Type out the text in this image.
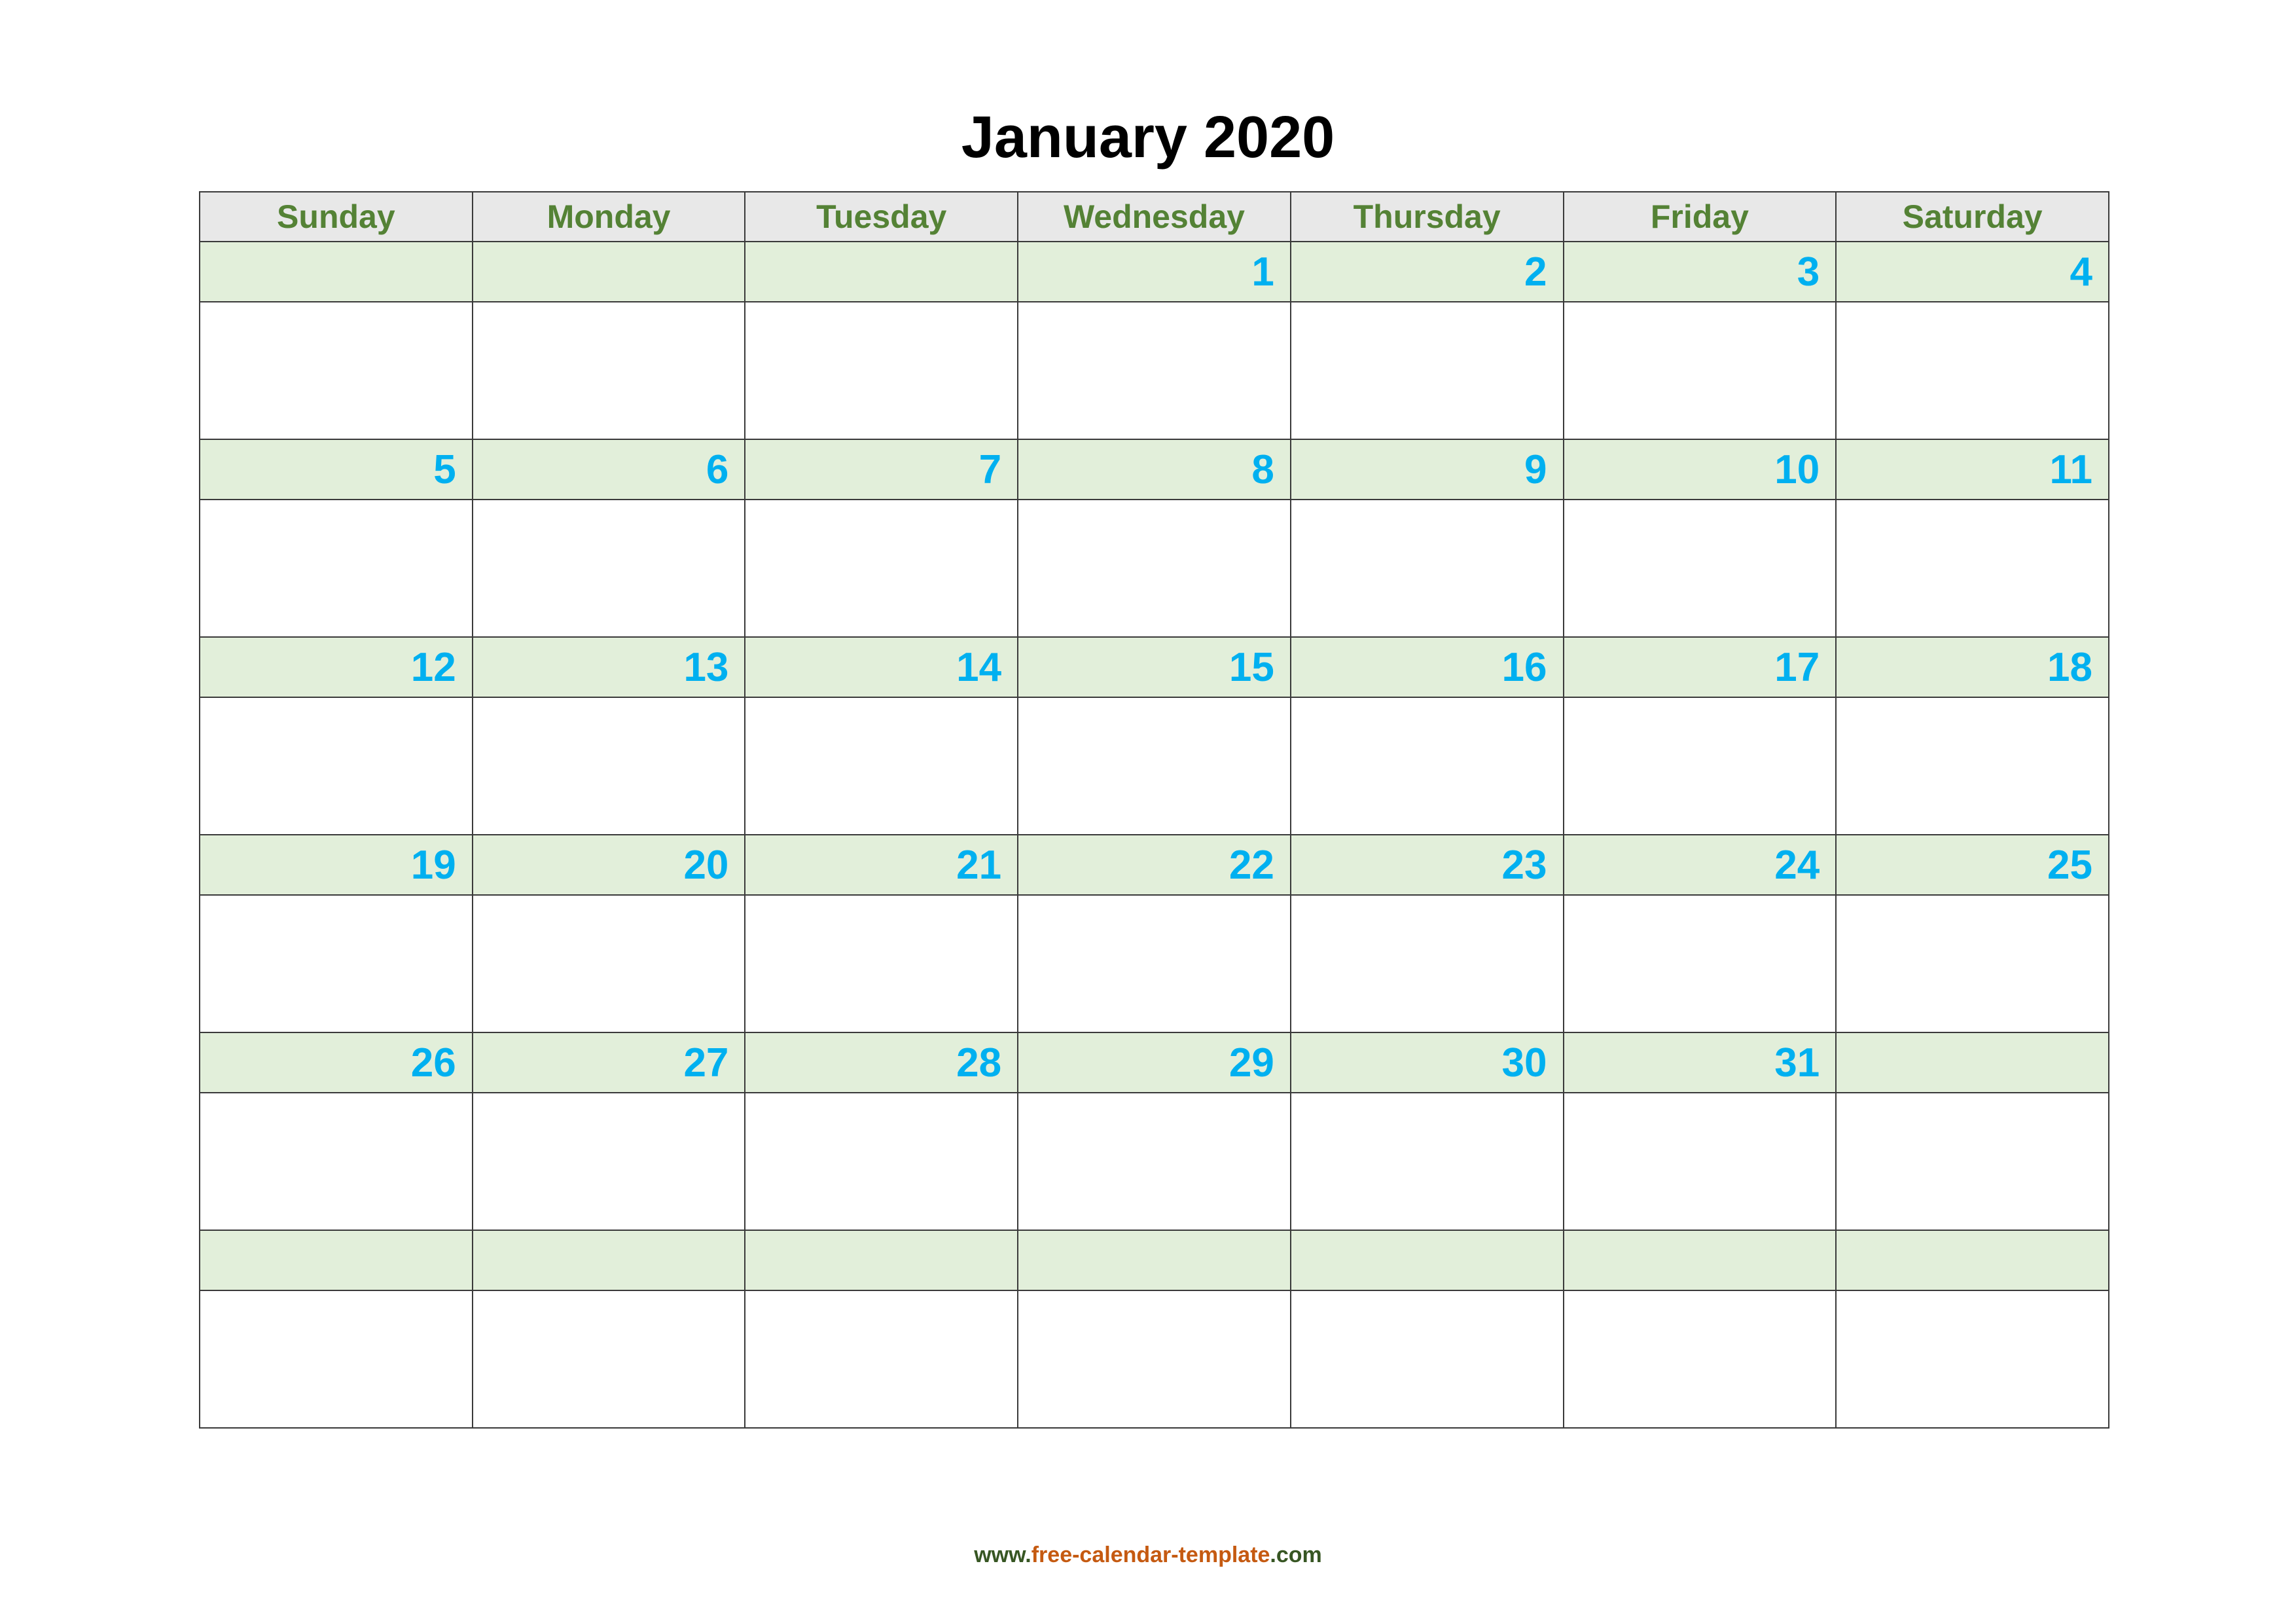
January 2020
Sunday	Monday	Tuesday	Wednesday	Thursday	Friday	Saturday
			1	2	3	4

5	6	7	8	9	10	11

12	13	14	15	16	17	18

19	20	21	22	23	24	25

26	27	28	29	30	31	

www.free-calendar-template.com
